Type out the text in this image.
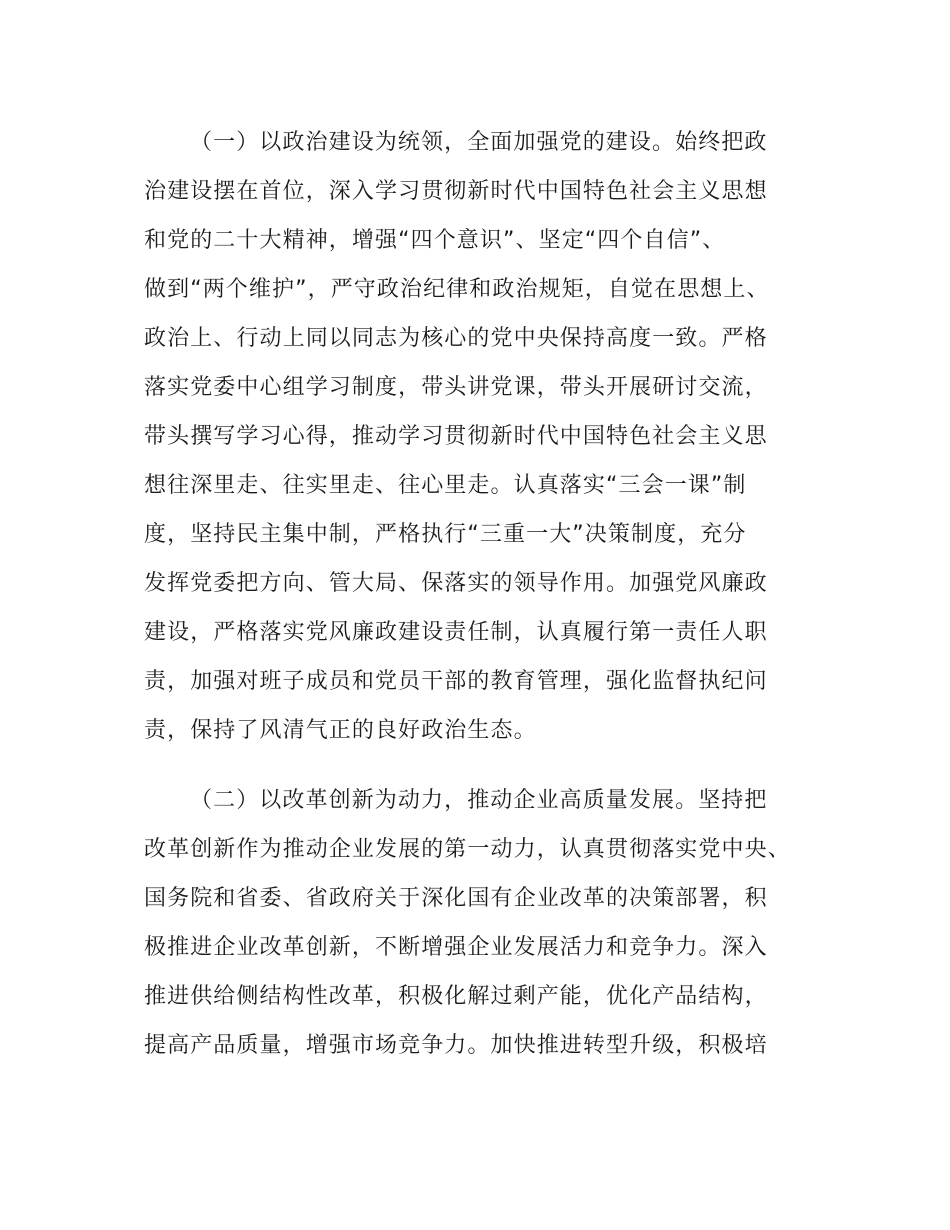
（一）以政治建设为统领，全面加强党的建设。始终把政
治建设摆在首位，深入学习贯彻新时代中国特色社会主义思想
和党的二十大精神，增强“四个意识”、坚定“四个自信”、
做到“两个维护”，严守政治纪律和政治规矩，自觉在思想上、
政治上、行动上同以同志为核心的党中央保持高度一致。严格
落实党委中心组学习制度，带头讲党课，带头开展研讨交流，
带头撰写学习心得，推动学习贯彻新时代中国特色社会主义思
想往深里走、往实里走、往心里走。认真落实“三会一课”制
度，坚持民主集中制，严格执行“三重一大”决策制度，充分
发挥党委把方向、管大局、保落实的领导作用。加强党风廉政
建设，严格落实党风廉政建设责任制，认真履行第一责任人职
责，加强对班子成员和党员干部的教育管理，强化监督执纪问
责，保持了风清气正的良好政治生态。
（二）以改革创新为动力，推动企业高质量发展。坚持把
改革创新作为推动企业发展的第一动力，认真贯彻落实党中央、
国务院和省委、省政府关于深化国有企业改革的决策部署，积
极推进企业改革创新，不断增强企业发展活力和竞争力。深入
推进供给侧结构性改革，积极化解过剩产能，优化产品结构，
提高产品质量，增强市场竞争力。加快推进转型升级，积极培
